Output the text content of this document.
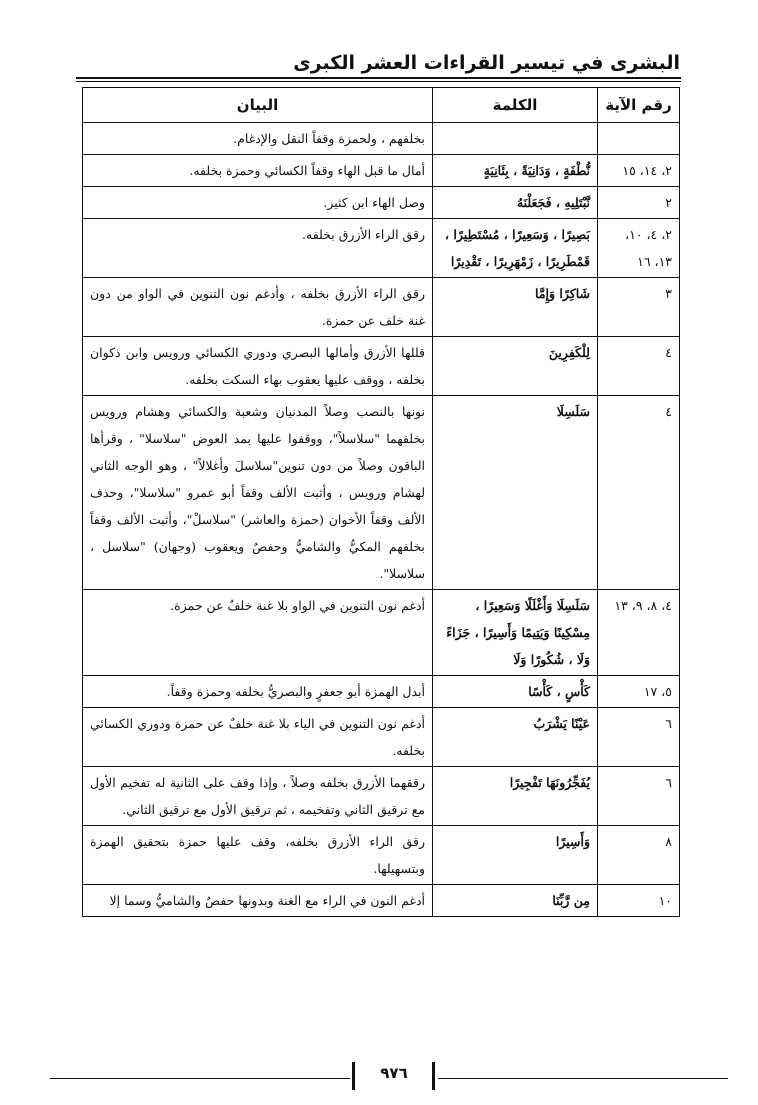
البشرى في تيسير القراءات العشر الكبرى
رقم الآية	الكلمة	البيان
		بخلفهم ، ولحمزة وقفاً النقل والإدغام.
٢، ١٤، ١٥	نُّطْفَةٍ ، وَدَانِيَةً ، بِئَانِيَةٍ	أمال ما قبل الهاء وقفاً الكسائي وحمزة بخلفه.
٢	نَّبْتَلِيهِ ، فَجَعَلْنَهُ	وصل الهاء ابن كثير.
٢، ٤، ١٠، ١٣، ١٦	بَصِيرًا ، وَسَعِيرًا ، مُسْتَطِيرًا ، قَمْطَرِيرًا ، زَمْهَرِيرًا ، تَقْدِيرًا	رقق الراء الأزرق بخلفه.
٣	شَاكِرًا وَإِمَّا	رقق الراء الأزرق بخلفه ، وأدغم نون التنوين في الواو من دون غنة خلف عن حمزة.
٤	لِلْكَفِرِينَ	قللها الأزرق وأمالها البصري ودوري الكسائي ورويس وابن ذكوان بخلفه ، ووقف عليها يعقوب بهاء السكت بخلفه.
٤	سَلَسِلَا	نونها بالنصب وصلاً المدنيان وشعبة والكسائي وهشام ورويس بخلفهما "سلاسلاً"، ووقفوا عليها بمد العوض "سلاسلا" ، وقرأها الباقون وصلاً من دون تنوين"سلاسلَ وأغلالاً" ، وهو الوجه الثاني لهشام ورويس ، وأثبت الألف وقفاً أبو عمرو "سلاسلا"، وحذف الألف وقفاً الأخوان (حمزة والعاشر) "سلاسلْ"، وأثبت الألف وقفاً بخلفهم المكيُّ والشاميُّ وحفصٌ ويعقوب (وجهان) "سلاسل ، سلاسلا".
٤، ٨، ٩، ١٣	سَلَسِلَا وَأَغْلَلًا وَسَعِيرًا ، مِسْكِينًا وَيَتِيمًا وَأَسِيرًا ، جَزَاءً وَلَا ، شُكُورًا وَلَا	أدغم نون التنوين في الواو بلا غنة خلفٌ عن حمزة.
٥، ١٧	كَأْسٍ ، كَأْسًا	أبدل الهمزة أبو جعفرٍ والبصريُّ بخلفه وحمزة وقفاً.
٦	عَيْنًا يَشْرَبُ	أدغم نون التنوين في الياء بلا غنة خلفٌ عن حمزة ودوري الكسائي بخلفه.
٦	يُفَجِّرُونَهَا تَفْجِيرًا	رققهما الأزرق بخلفه وصلاً ، وإذا وقف على الثانية له تفخيم الأول مع ترقيق الثاني وتفخيمه ، ثم ترقيق الأول مع ترقيق الثاني.
٨	وَأَسِيرًا	رقق الراء الأزرق بخلفه، وقف عليها حمزة بتحقيق الهمزة وبتسهيلها.
١٠	مِن رَّبِّنَا	أدغم النون في الراء مع الغنة وبدونها حفصٌ والشاميُّ وسما إلا
٩٧٦
